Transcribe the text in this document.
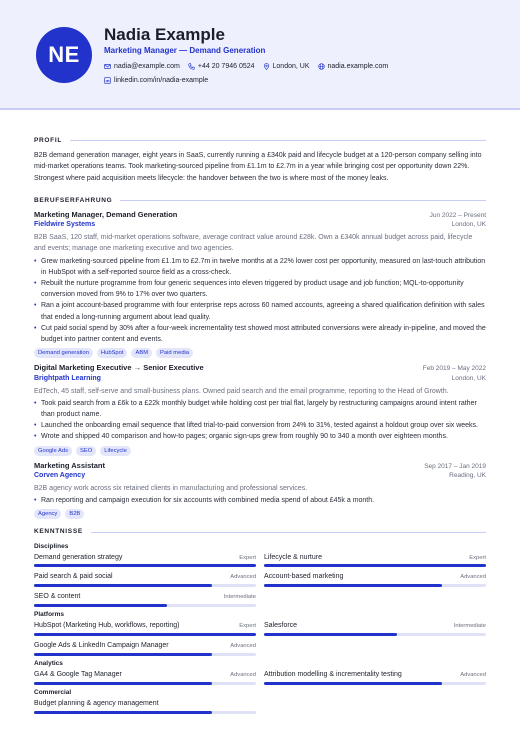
NE
Nadia Example
Marketing Manager — Demand Generation
nadia@example.com	+44 20 7946 0524	London, UK	nadia.example.com
linkedin.com/in/nadia-example
PROFIL

B2B demand generation manager, eight years in SaaS, currently running a £340k paid and lifecycle budget at a 120-person company selling into mid-market operations teams. Took marketing-sourced pipeline from £1.1m to £2.7m in a year while bringing cost per opportunity down 22%. Strongest where paid acquisition meets lifecycle: the handover between the two is where most of the money leaks.

BERUFSERFAHRUNG
Marketing Manager, Demand Generation	Jun 2022 – Present
Fieldwire Systems	London, UK

B2B SaaS, 120 staff, mid-market operations software, average contract value around £28k. Own a £340k annual budget across paid, lifecycle and events; manage one marketing executive and two agencies.

• Grew marketing-sourced pipeline from £1.1m to £2.7m in twelve months at a 22% lower cost per opportunity, measured on last-touch attribution in HubSpot with a self-reported source field as a cross-check.
• Rebuilt the nurture programme from four generic sequences into eleven triggered by product usage and job function; MQL-to-opportunity conversion moved from 9% to 17% over two quarters.
• Ran a joint account-based programme with four enterprise reps across 60 named accounts, agreeing a shared qualification definition with sales that ended a long-running argument about lead quality.
• Cut paid social spend by 30% after a four-week incrementality test showed most attributed conversions were already in-pipeline, and moved the budget into partner content and events.
Demand generation	HubSpot	ABM	Paid media
Digital Marketing Executive → Senior Executive	Feb 2019 – May 2022
Brightpath Learning	London, UK

EdTech, 45 staff, self-serve and small-business plans. Owned paid search and the email programme, reporting to the Head of Growth.

• Took paid search from a £6k to a £22k monthly budget while holding cost per trial flat, largely by restructuring campaigns around intent rather than product name.
• Launched the onboarding email sequence that lifted trial-to-paid conversion from 24% to 31%, tested against a holdout group over six weeks.
• Wrote and shipped 40 comparison and how-to pages; organic sign-ups grew from roughly 90 to 340 a month over eighteen months.
Google Ads	SEO	Lifecycle
Marketing Assistant	Sep 2017 – Jan 2019
Corven Agency	Reading, UK

B2B agency work across six retained clients in manufacturing and professional services.

• Ran reporting and campaign execution for six accounts with combined media spend of about £45k a month.
Agency	B2B
KENNTNISSE
Disciplines
Demand generation strategy	Expert Lifecycle & nurture	Expert
Paid search & paid social	Advanced Account-based marketing	Advanced
SEO & content	Intermediate
Platforms
HubSpot (Marketing Hub, workflows, reporting)	Expert Salesforce	Intermediate
Google Ads & LinkedIn Campaign Manager	Advanced
Analytics
GA4 & Google Tag Manager	Advanced Attribution modelling & incrementality testing	Advanced
Commercial
Budget planning & agency management
